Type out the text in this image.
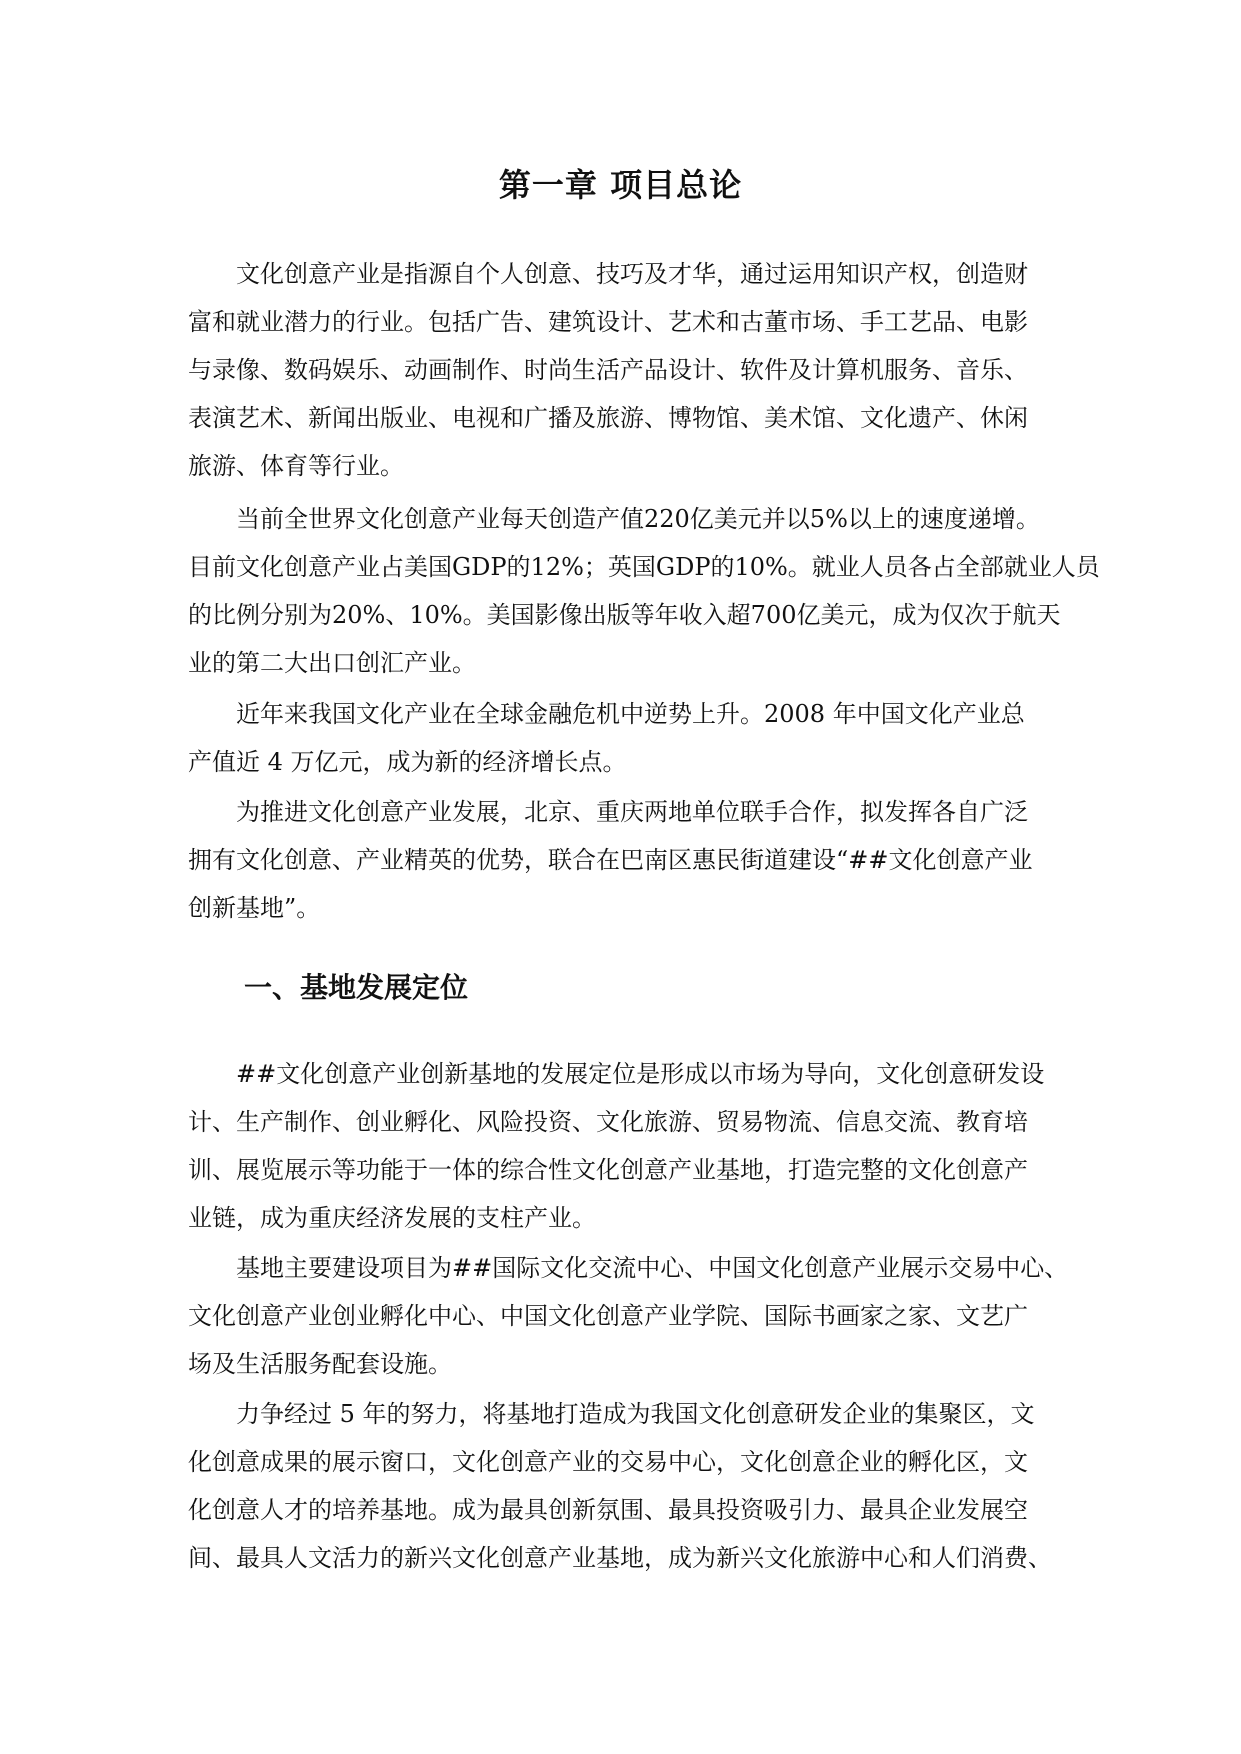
第一章 项目总论
文化创意产业是指源自个人创意、技巧及才华，通过运用知识产权，创造财
富和就业潜力的行业。包括广告、建筑设计、艺术和古董市场、手工艺品、电影
与录像、数码娱乐、动画制作、时尚生活产品设计、软件及计算机服务、音乐、
表演艺术、新闻出版业、电视和广播及旅游、博物馆、美术馆、文化遗产、休闲
旅游、体育等行业。
当前全世界文化创意产业每天创造产值220亿美元并以5%以上的速度递增。
目前文化创意产业占美国GDP的12%；英国GDP的10%。就业人员各占全部就业人员
的比例分别为20%、10%。美国影像出版等年收入超700亿美元，成为仅次于航天
业的第二大出口创汇产业。
近年来我国文化产业在全球金融危机中逆势上升。2008 年中国文化产业总
产值近 4 万亿元，成为新的经济增长点。
为推进文化创意产业发展，北京、重庆两地单位联手合作，拟发挥各自广泛
拥有文化创意、产业精英的优势，联合在巴南区惠民街道建设“##文化创意产业
创新基地”。
一、基地发展定位
##文化创意产业创新基地的发展定位是形成以市场为导向，文化创意研发设
计、生产制作、创业孵化、风险投资、文化旅游、贸易物流、信息交流、教育培
训、展览展示等功能于一体的综合性文化创意产业基地，打造完整的文化创意产
业链，成为重庆经济发展的支柱产业。
基地主要建设项目为##国际文化交流中心、中国文化创意产业展示交易中心、
文化创意产业创业孵化中心、中国文化创意产业学院、国际书画家之家、文艺广
场及生活服务配套设施。
力争经过 5 年的努力，将基地打造成为我国文化创意研发企业的集聚区，文
化创意成果的展示窗口，文化创意产业的交易中心，文化创意企业的孵化区，文
化创意人才的培养基地。成为最具创新氛围、最具投资吸引力、最具企业发展空
间、最具人文活力的新兴文化创意产业基地，成为新兴文化旅游中心和人们消费、
